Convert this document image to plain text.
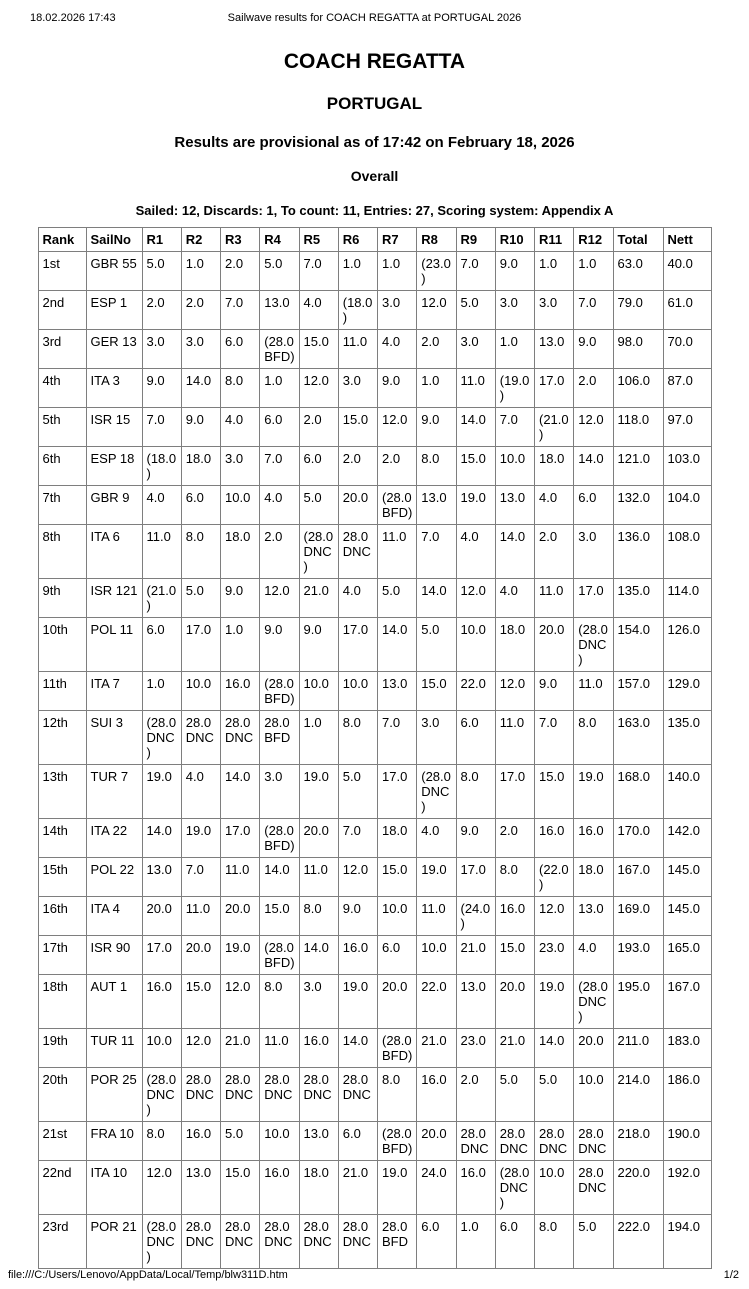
18.02.2026 17:43	Sailwave results for COACH REGATTA at PORTUGAL 2026
COACH REGATTA
PORTUGAL
Results are provisional as of 17:42 on February 18, 2026
Overall
Sailed: 12, Discards: 1, To count: 11, Entries: 27, Scoring system: Appendix A
Rank	SailNo	R1	R2	R3	R4	R5	R6	R7	R8	R9	R10	R11	R12	Total	Nett
1st	GBR 55	5.0	1.0	2.0	5.0	7.0	1.0	1.0	(23.0)	7.0	9.0	1.0	1.0	63.0	40.0
2nd	ESP 1	2.0	2.0	7.0	13.0	4.0	(18.0)	3.0	12.0	5.0	3.0	3.0	7.0	79.0	61.0
3rd	GER 13	3.0	3.0	6.0	(28.0 BFD)	15.0	11.0	4.0	2.0	3.0	1.0	13.0	9.0	98.0	70.0
4th	ITA 3	9.0	14.0	8.0	1.0	12.0	3.0	9.0	1.0	11.0	(19.0)	17.0	2.0	106.0	87.0
5th	ISR 15	7.0	9.0	4.0	6.0	2.0	15.0	12.0	9.0	14.0	7.0	(21.0)	12.0	118.0	97.0
6th	ESP 18	(18.0)	18.0	3.0	7.0	6.0	2.0	2.0	8.0	15.0	10.0	18.0	14.0	121.0	103.0
7th	GBR 9	4.0	6.0	10.0	4.0	5.0	20.0	(28.0 BFD)	13.0	19.0	13.0	4.0	6.0	132.0	104.0
8th	ITA 6	11.0	8.0	18.0	2.0	(28.0 DNC)	28.0 DNC	11.0	7.0	4.0	14.0	2.0	3.0	136.0	108.0
9th	ISR 121	(21.0)	5.0	9.0	12.0	21.0	4.0	5.0	14.0	12.0	4.0	11.0	17.0	135.0	114.0
10th	POL 11	6.0	17.0	1.0	9.0	9.0	17.0	14.0	5.0	10.0	18.0	20.0	(28.0 DNC)	154.0	126.0
11th	ITA 7	1.0	10.0	16.0	(28.0 BFD)	10.0	10.0	13.0	15.0	22.0	12.0	9.0	11.0	157.0	129.0
12th	SUI 3	(28.0 DNC)	28.0 DNC	28.0 DNC	28.0 BFD	1.0	8.0	7.0	3.0	6.0	11.0	7.0	8.0	163.0	135.0
13th	TUR 7	19.0	4.0	14.0	3.0	19.0	5.0	17.0	(28.0 DNC)	8.0	17.0	15.0	19.0	168.0	140.0
14th	ITA 22	14.0	19.0	17.0	(28.0 BFD)	20.0	7.0	18.0	4.0	9.0	2.0	16.0	16.0	170.0	142.0
15th	POL 22	13.0	7.0	11.0	14.0	11.0	12.0	15.0	19.0	17.0	8.0	(22.0)	18.0	167.0	145.0
16th	ITA 4	20.0	11.0	20.0	15.0	8.0	9.0	10.0	11.0	(24.0)	16.0	12.0	13.0	169.0	145.0
17th	ISR 90	17.0	20.0	19.0	(28.0 BFD)	14.0	16.0	6.0	10.0	21.0	15.0	23.0	4.0	193.0	165.0
18th	AUT 1	16.0	15.0	12.0	8.0	3.0	19.0	20.0	22.0	13.0	20.0	19.0	(28.0 DNC)	195.0	167.0
19th	TUR 11	10.0	12.0	21.0	11.0	16.0	14.0	(28.0 BFD)	21.0	23.0	21.0	14.0	20.0	211.0	183.0
20th	POR 25	(28.0 DNC)	28.0 DNC	28.0 DNC	28.0 DNC	28.0 DNC	28.0 DNC	8.0	16.0	2.0	5.0	5.0	10.0	214.0	186.0
21st	FRA 10	8.0	16.0	5.0	10.0	13.0	6.0	(28.0 BFD)	20.0	28.0 DNC	28.0 DNC	28.0 DNC	28.0 DNC	218.0	190.0
22nd	ITA 10	12.0	13.0	15.0	16.0	18.0	21.0	19.0	24.0	16.0	(28.0 DNC)	10.0	28.0 DNC	220.0	192.0
23rd	POR 21	(28.0 DNC)	28.0 DNC	28.0 DNC	28.0 DNC	28.0 DNC	28.0 DNC	28.0 BFD	6.0	1.0	6.0	8.0	5.0	222.0	194.0
file:///C:/Users/Lenovo/AppData/Local/Temp/blw311D.htm	1/2
